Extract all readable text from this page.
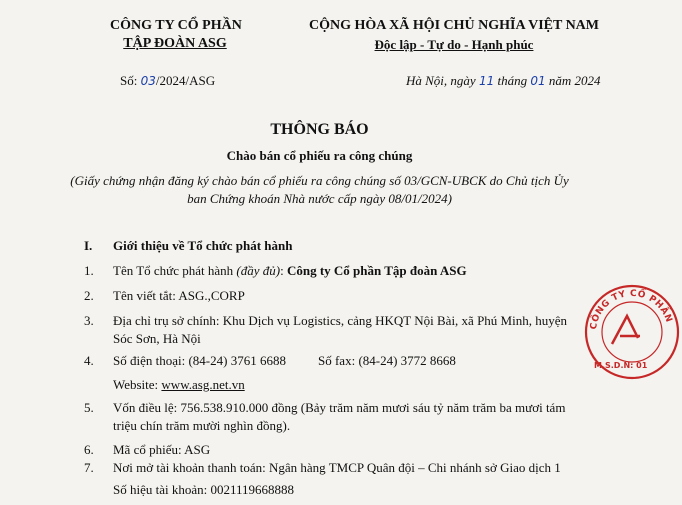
CÔNG TY CỔ PHẦN
TẬP ĐOÀN ASG
CỘNG HÒA XÃ HỘI CHỦ NGHĨA VIỆT NAM
Độc lập - Tự do - Hạnh phúc
Số: 03/2024/ASG	Hà Nội, ngày 11 tháng 01 năm 2024
THÔNG BÁO
Chào bán cổ phiếu ra công chúng
(Giấy chứng nhận đăng ký chào bán cổ phiếu ra công chúng số 03/GCN-UBCK do Chủ tịch Ủy
ban Chứng khoán Nhà nước cấp ngày 08/01/2024)
I. Giới thiệu về Tổ chức phát hành
1. Tên Tổ chức phát hành (đầy đủ): Công ty Cổ phần Tập đoàn ASG
2. Tên viết tắt: ASG.,CORP
3. Địa chỉ trụ sở chính: Khu Dịch vụ Logistics, cảng HKQT Nội Bài, xã Phú Minh, huyện
Sóc Sơn, Hà Nội
4. Số điện thoại: (84-24) 3761 6688 Số fax: (84-24) 3772 8668
Website: www.asg.net.vn
5. Vốn điều lệ: 756.538.910.000 đồng (Bảy trăm năm mươi sáu tỷ năm trăm ba mươi tám
triệu chín trăm mười nghìn đồng).
6. Mã cổ phiếu: ASG
7. Nơi mở tài khoản thanh toán: Ngân hàng TMCP Quân đội – Chi nhánh sở Giao dịch 1
Số hiệu tài khoản: 0021119668888
CÔNG TY CỔ PHẦN
M.S.D.N: 01
